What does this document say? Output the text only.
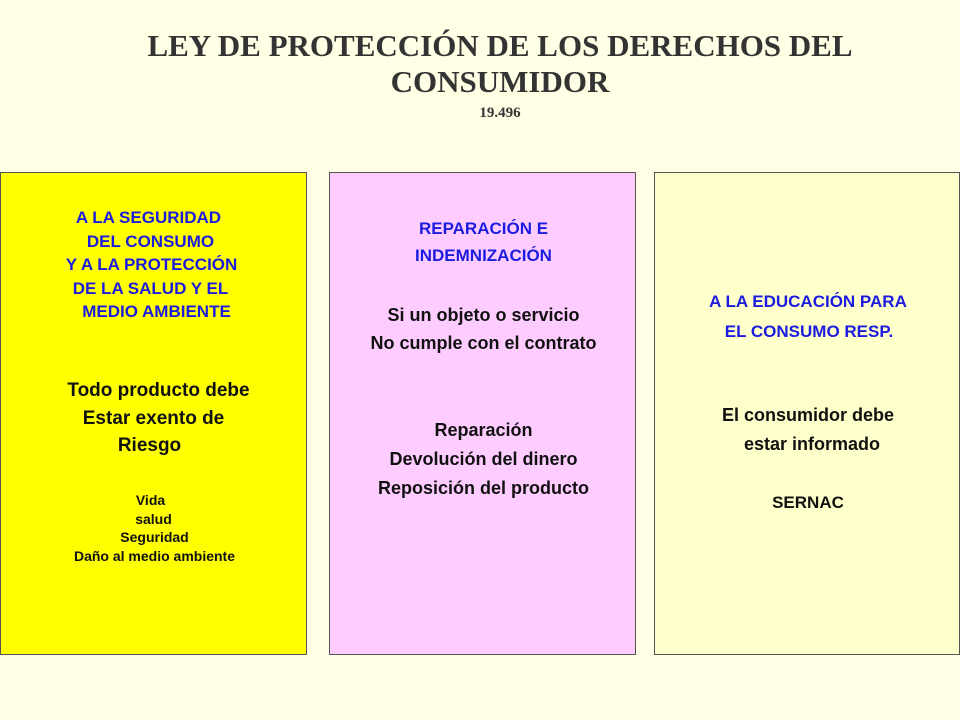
LEY DE PROTECCIÓN DE LOS DERECHOS DEL
CONSUMIDOR
19.496
A LA SEGURIDAD
DEL CONSUMO
Y A LA PROTECCIÓN
DE LA SALUD Y EL
MEDIO AMBIENTE
Todo producto debe
Estar exento de
Riesgo
Vida
salud
Seguridad
Daño al medio ambiente
REPARACIÓN E
INDEMNIZACIÓN
Si un objeto o servicio
No cumple con el contrato
Reparación
Devolución del dinero
Reposición del producto
A LA EDUCACIÓN PARA
EL CONSUMO RESP.
El consumidor debe
estar informado
SERNAC
